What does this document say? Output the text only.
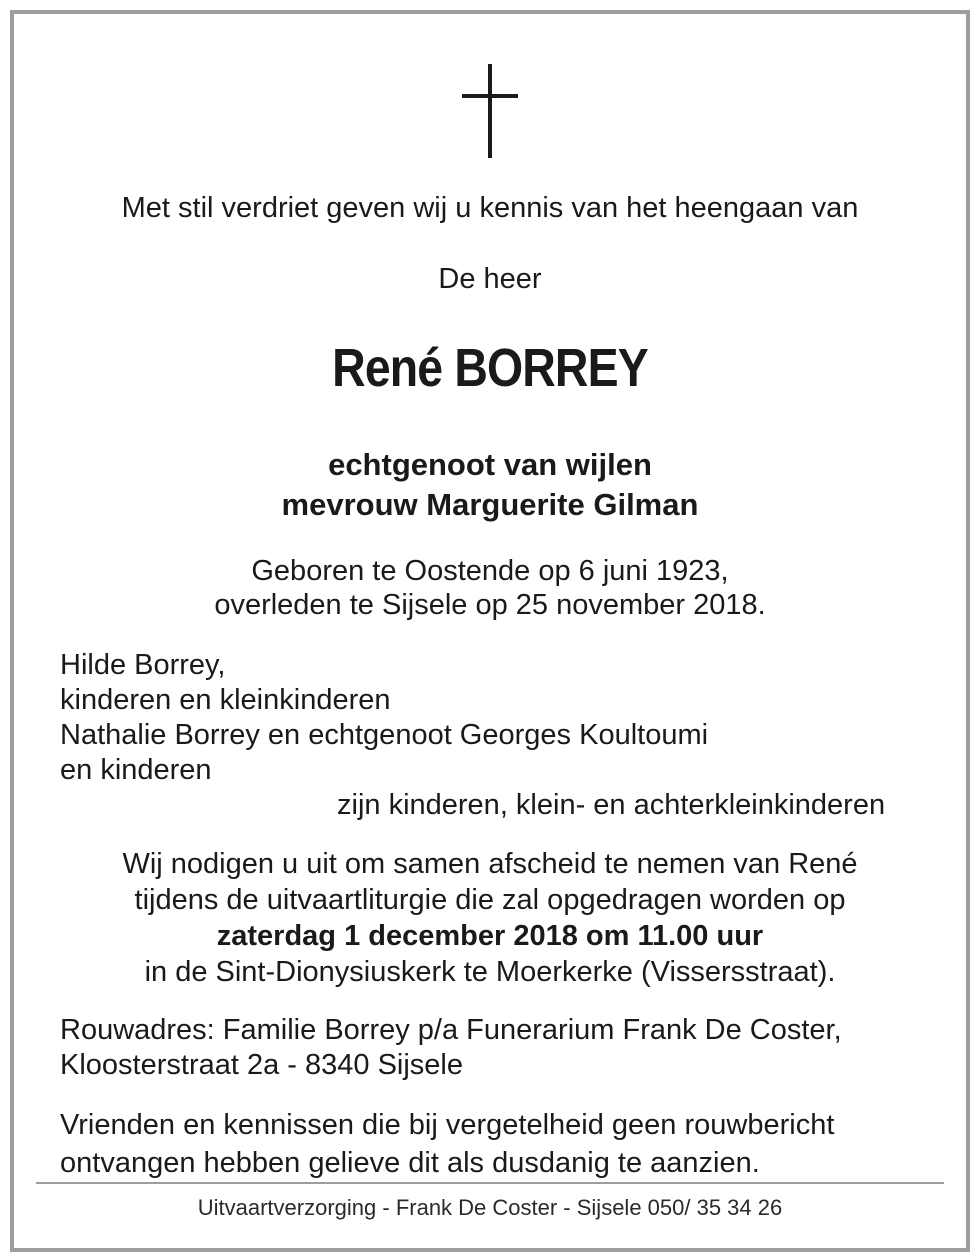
Met stil verdriet geven wij u kennis van het heengaan van
De heer
René BORREY
echtgenoot van wijlen
mevrouw Marguerite Gilman
Geboren te Oostende op 6 juni 1923,
overleden te Sijsele op 25 november 2018.
Hilde Borrey,
kinderen en kleinkinderen
Nathalie Borrey en echtgenoot Georges Koultoumi
en kinderen
zijn kinderen, klein- en achterkleinkinderen
Wij nodigen u uit om samen afscheid te nemen van René
tijdens de uitvaartliturgie die zal opgedragen worden op
zaterdag 1 december 2018 om 11.00 uur
in de Sint-Dionysiuskerk te Moerkerke (Vissersstraat).
Rouwadres: Familie Borrey p/a Funerarium Frank De Coster,
Kloosterstraat 2a - 8340 Sijsele
Vrienden en kennissen die bij vergetelheid geen rouwbericht
ontvangen hebben gelieve dit als dusdanig te aanzien.
Uitvaartverzorging - Frank De Coster - Sijsele 050/ 35 34 26
